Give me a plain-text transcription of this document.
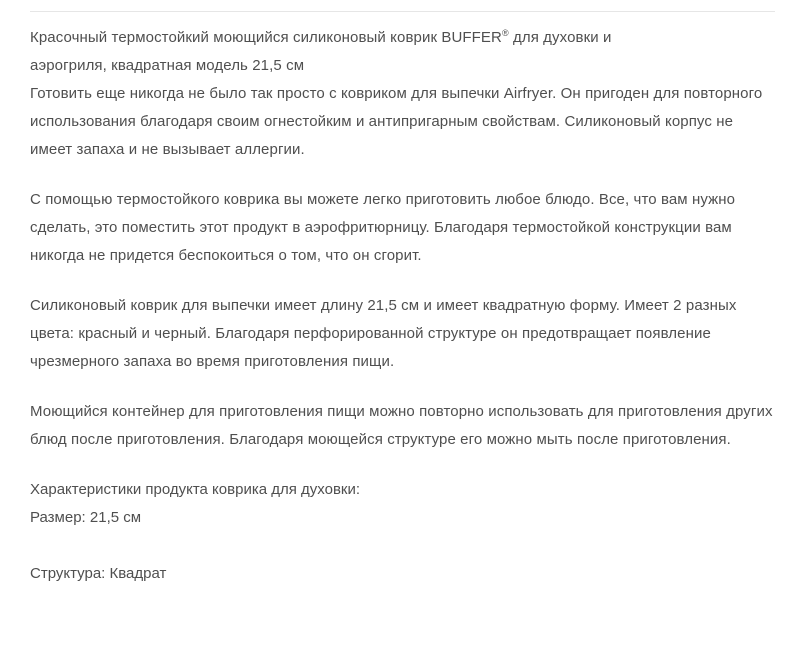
Красочный термостойкий моющийся силиконовый коврик BUFFER® для духовки и
аэрогриля, квадратная модель 21,5 см

Готовить еще никогда не было так просто с ковриком для выпечки Airfryer. Он пригоден для повторного использования благодаря своим огнестойким и антипригарным свойствам. Силиконовый корпус не имеет запаха и не вызывает аллергии.

С помощью термостойкого коврика вы можете легко приготовить любое блюдо. Все, что вам нужно сделать, это поместить этот продукт в аэрофритюрницу. Благодаря термостойкой конструкции вам никогда не придется беспокоиться о том, что он сгорит.

Силиконовый коврик для выпечки имеет длину 21,5 см и имеет квадратную форму. Имеет 2 разных цвета: красный и черный. Благодаря перфорированной структуре он предотвращает появление чрезмерного запаха во время приготовления пищи.

Моющийся контейнер для приготовления пищи можно повторно использовать для приготовления других блюд после приготовления. Благодаря моющейся структуре его можно мыть после приготовления.

Характеристики продукта коврика для духовки:
Размер: 21,5 см
Структура: Квадрат
